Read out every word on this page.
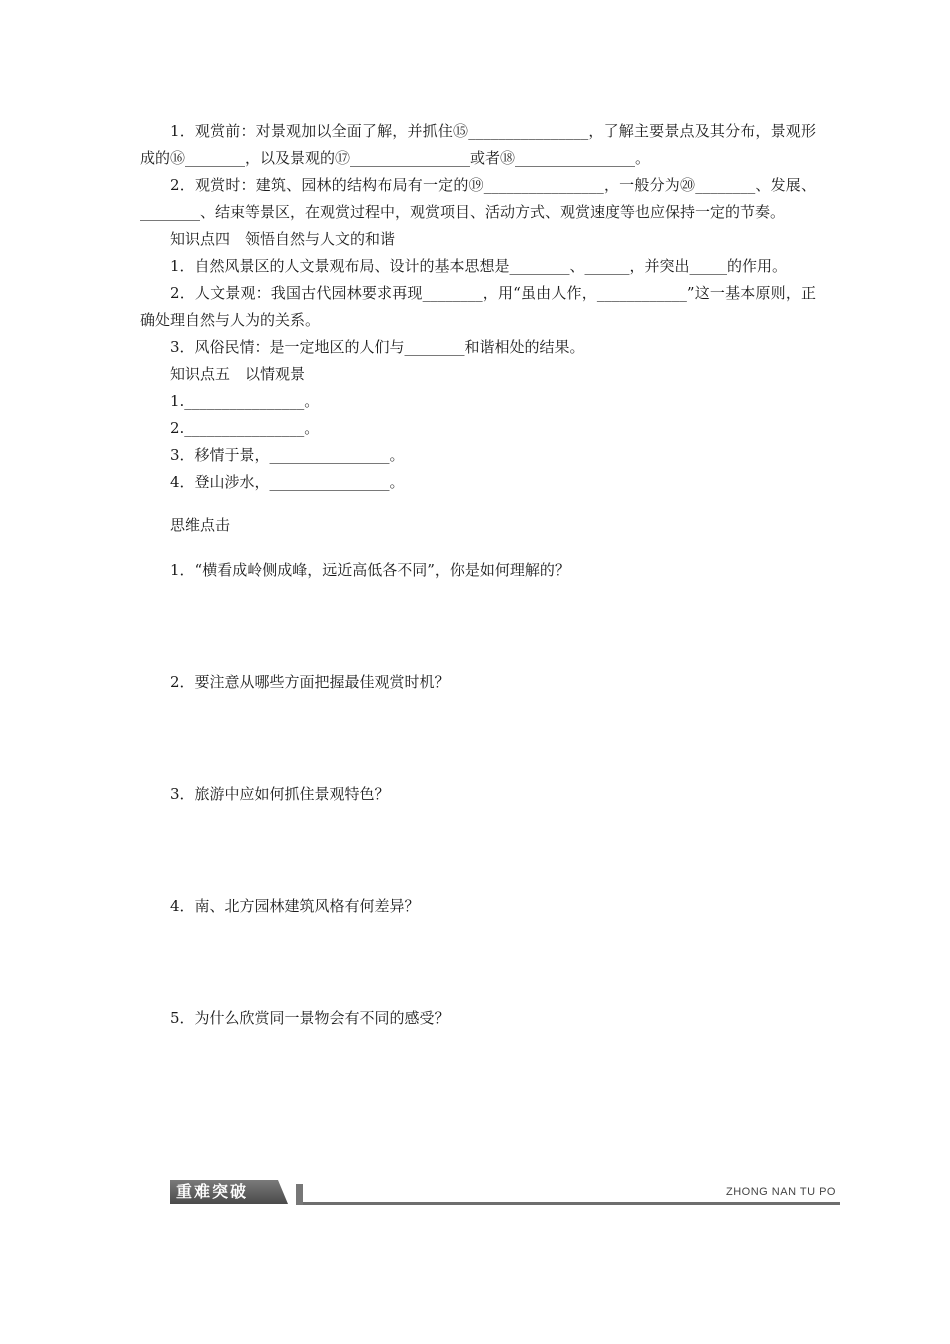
1．观赏前：对景观加以全面了解，并抓住⑮________________，了解主要景点及其分布，景观形成的⑯________，以及景观的⑰________________或者⑱________________。

2．观赏时：建筑、园林的结构布局有一定的⑲________________，一般分为⑳________、发展、________、结束等景区，在观赏过程中，观赏项目、活动方式、观赏速度等也应保持一定的节奏。

知识点四　领悟自然与人文的和谐

1．自然风景区的人文景观布局、设计的基本思想是________、______，并突出_____的作用。

2．人文景观：我国古代园林要求再现________，用“虽由人作，____________”这一基本原则，正确处理自然与人为的关系。

3．风俗民情：是一定地区的人们与________和谐相处的结果。

知识点五　以情观景

1.________________。

2.________________。

3．移情于景，________________。

4．登山涉水，________________。

思维点击

1．“横看成岭侧成峰，远近高低各不同”，你是如何理解的？

2．要注意从哪些方面把握最佳观赏时机？

3．旅游中应如何抓住景观特色？

4．南、北方园林建筑风格有何差异？

5．为什么欣赏同一景物会有不同的感受？

重难突破	ZHONG NAN TU PO
